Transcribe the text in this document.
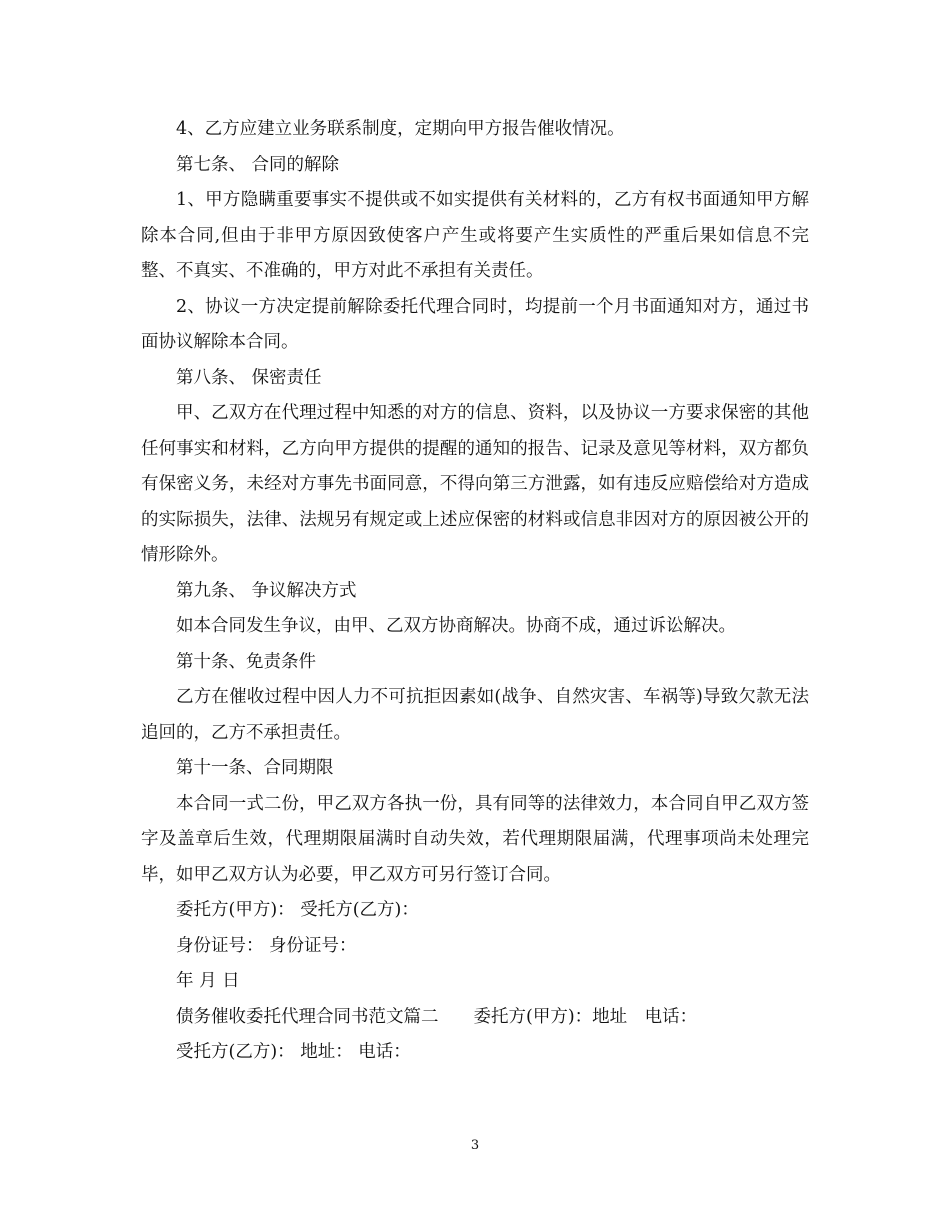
4、乙方应建立业务联系制度，定期向甲方报告催收情况。

第七条、 合同的解除

1、甲方隐瞒重要事实不提供或不如实提供有关材料的，乙方有权书面通知甲方解除本合同,但由于非甲方原因致使客户产生或将要产生实质性的严重后果如信息不完整、不真实、不准确的，甲方对此不承担有关责任。

2、协议一方决定提前解除委托代理合同时，均提前一个月书面通知对方，通过书面协议解除本合同。

第八条、 保密责任

甲、乙双方在代理过程中知悉的对方的信息、资料，以及协议一方要求保密的其他任何事实和材料，乙方向甲方提供的提醒的通知的报告、记录及意见等材料，双方都负有保密义务，未经对方事先书面同意，不得向第三方泄露，如有违反应赔偿给对方造成的实际损失，法律、法规另有规定或上述应保密的材料或信息非因对方的原因被公开的情形除外。

第九条、 争议解决方式

如本合同发生争议，由甲、乙双方协商解决。协商不成，通过诉讼解决。

第十条、免责条件

乙方在催收过程中因人力不可抗拒因素如(战争、自然灾害、车祸等)导致欠款无法追回的，乙方不承担责任。

第十一条、合同期限

本合同一式二份，甲乙双方各执一份，具有同等的法律效力，本合同自甲乙双方签字及盖章后生效，代理期限届满时自动失效，若代理期限届满，代理事项尚未处理完毕，如甲乙双方认为必要，甲乙双方可另行签订合同。

委托方(甲方)： 受托方(乙方)：

身份证号： 身份证号：

年 月 日

债务催收委托代理合同书范文篇二　　委托方(甲方)：地址　电话：

受托方(乙方)： 地址： 电话：

3
